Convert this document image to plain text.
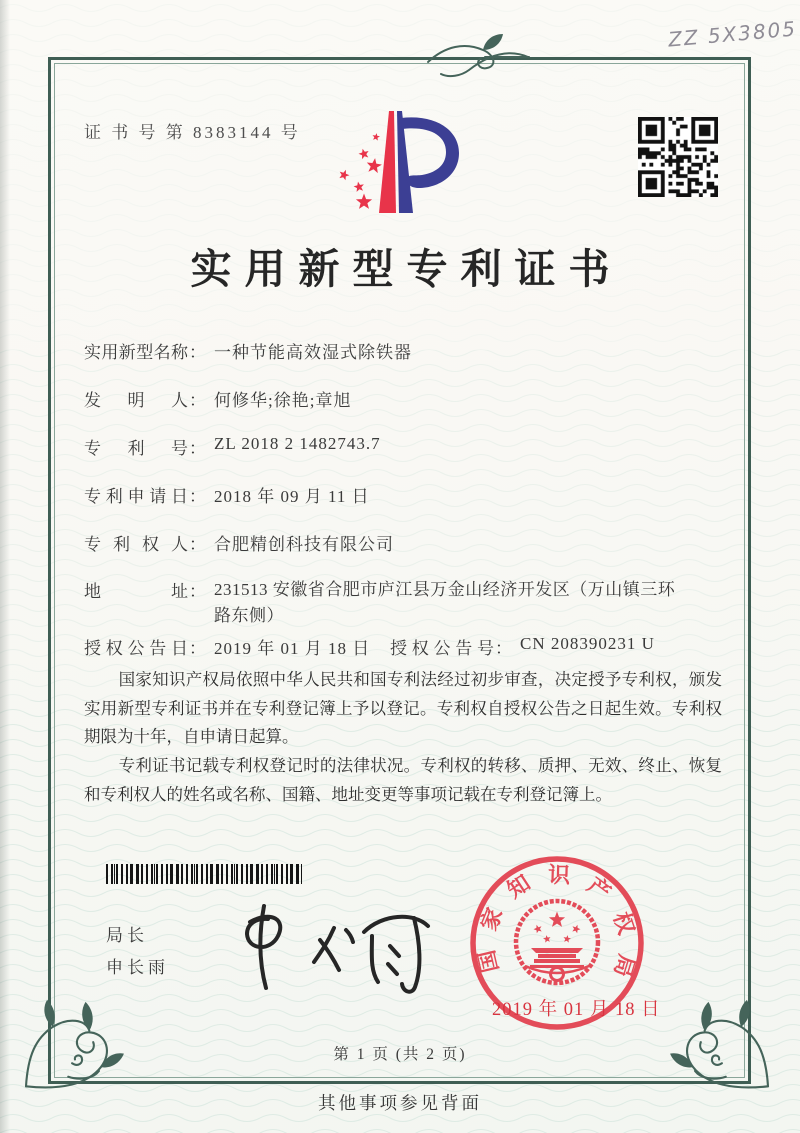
证 书 号 第 8383144 号
ZZ 5X3805
实用新型专利证书
实用新型名称： 一种节能高效湿式除铁器
发明人： 何修华;徐艳;章旭
专利号： ZL 2018 2 1482743.7
专利申请日： 2018 年 09 月 11 日
专利权人： 合肥精创科技有限公司
地址： 231513 安徽省合肥市庐江县万金山经济开发区（万山镇三环路东侧）
授权公告日： 2019 年 01 月 18 日 授权公告号： CN 208390231 U

国家知识产权局依照中华人民共和国专利法经过初步审查，决定授予专利权，颁发实用新型专利证书并在专利登记簿上予以登记。专利权自授权公告之日起生效。专利权期限为十年，自申请日起算。

专利证书记载专利权登记时的法律状况。专利权的转移、质押、无效、终止、恢复和专利权人的姓名或名称、国籍、地址变更等事项记载在专利登记簿上。

局长
申长雨	国家知识产权局
2019 年 01 月 18 日
第 1 页 (共 2 页)
其他事项参见背面
